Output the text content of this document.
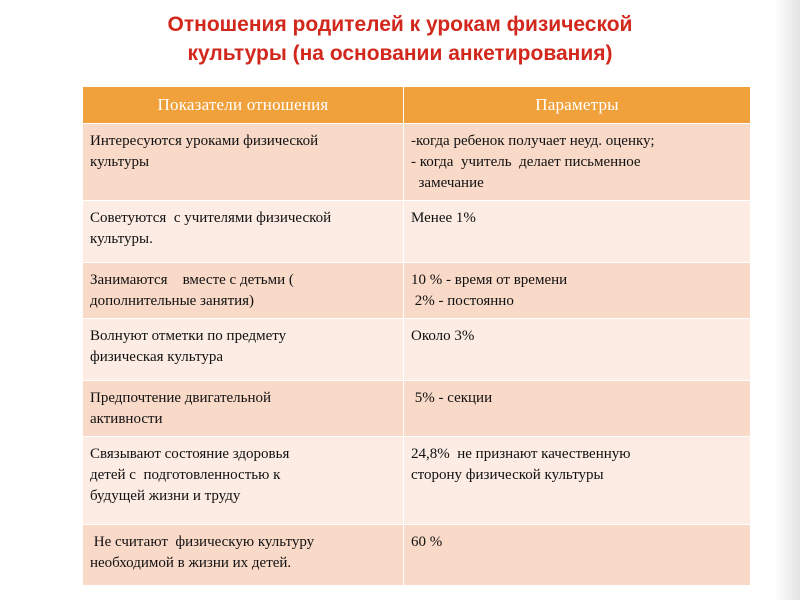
Отношения родителей к урокам физической
культуры (на основании анкетирования)
Показатели отношения	Параметры

Интересуются уроками физической
культуры	-когда ребенок получает неуд. оценку;
- когда  учитель  делает письменное
замечание

Советуются  с учителями физической
культуры.	Менее 1%

Занимаются    вместе с детьми (
дополнительные занятия)	10 % - время от времени
2% - постоянно

Волнуют отметки по предмету
физическая культура	Около 3%

Предпочтение двигательной
активности	5% - секции

Связывают состояние здоровья
детей с  подготовленностью к
будущей жизни и труду	24,8%  не признают качественную
сторону физической культуры

Не считают  физическую культуру
необходимой в жизни их детей.	60 %
